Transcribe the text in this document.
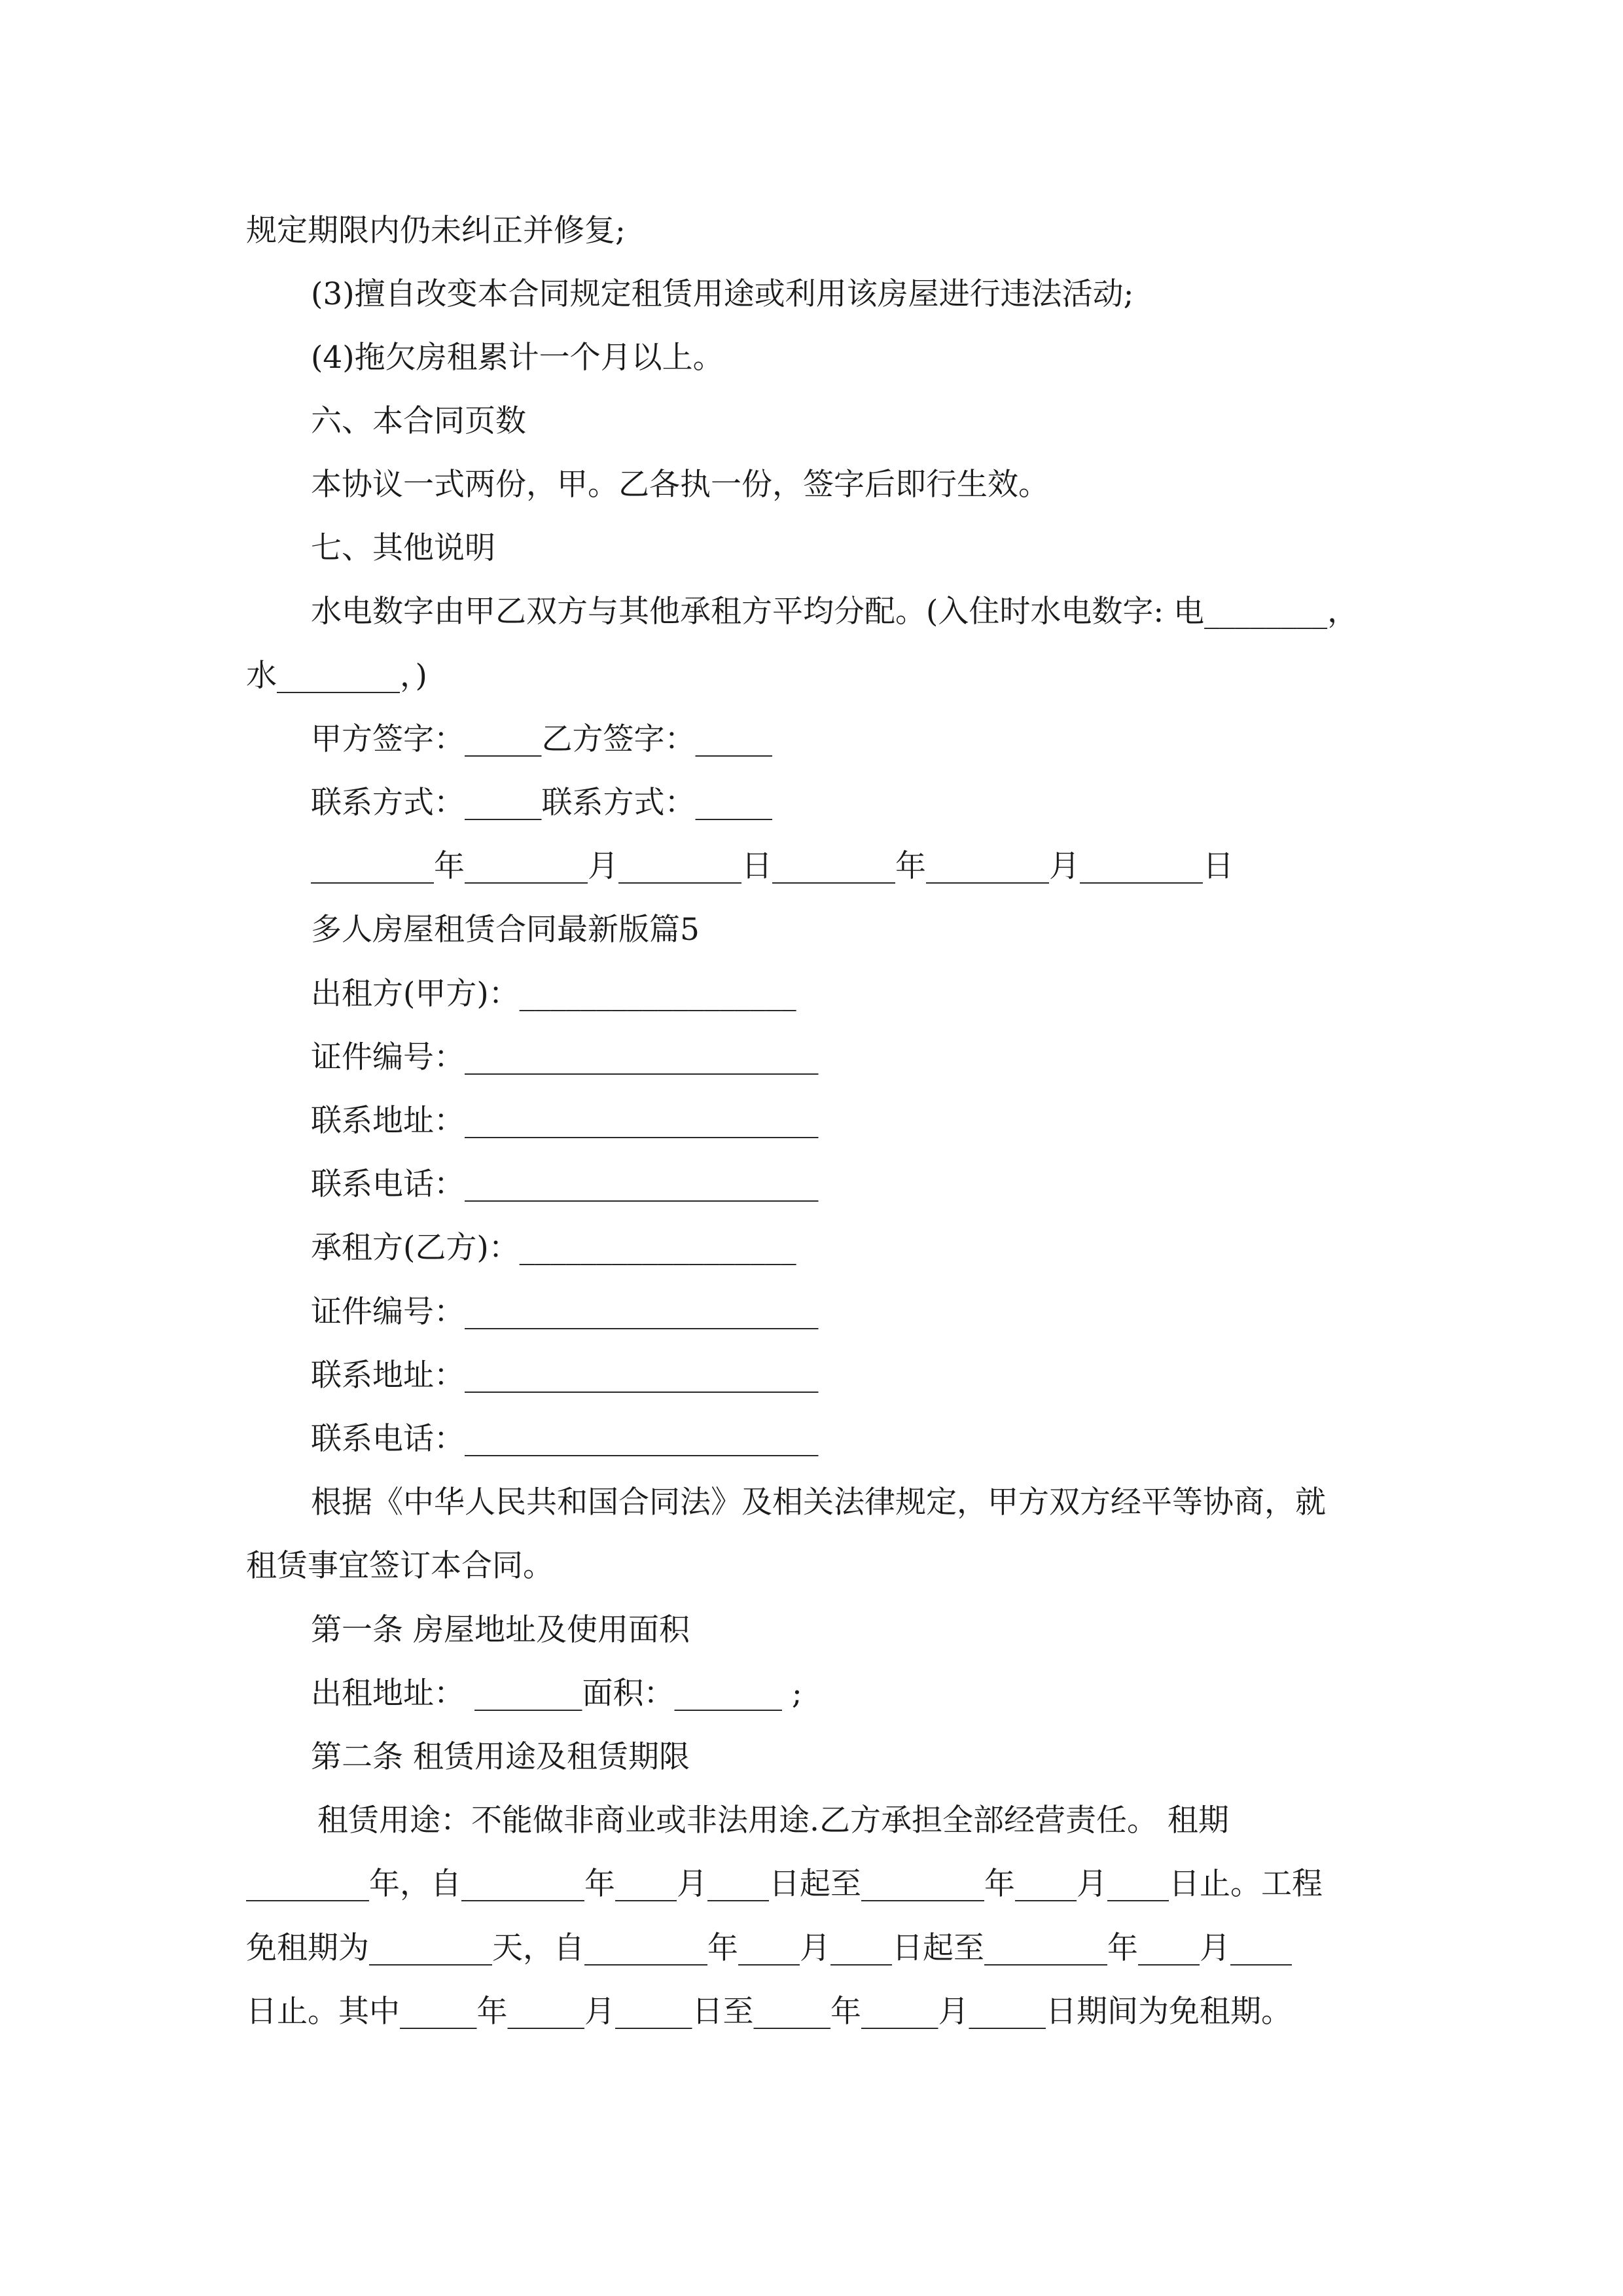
规定期限内仍未纠正并修复;
(3)擅自改变本合同规定租赁用途或利用该房屋进行违法活动;
(4)拖欠房租累计一个月以上。
六、本合同页数
本协议一式两份，甲。乙各执一份，签字后即行生效。
七、其他说明
水电数字由甲乙双方与其他承租方平均分配。(入住时水电数字: 电________，
水________，)
甲方签字：_____乙方签字：_____
联系方式：_____联系方式：_____
________年________月________日________年________月________日
多人房屋租赁合同最新版篇5
出租方(甲方)：__________________
证件编号：_______________________
联系地址：_______________________
联系电话：_______________________
承租方(乙方)：__________________
证件编号：_______________________
联系地址：_______________________
联系电话：_______________________
根据《中华人民共和国合同法》及相关法律规定，甲方双方经平等协商，就
租赁事宜签订本合同。
第一条 房屋地址及使用面积
出租地址： _______面积：_______ ;
第二条 租赁用途及租赁期限
租赁用途：不能做非商业或非法用途.乙方承担全部经营责任。 租期
________年，自________年____月____日起至________年____月____日止。工程
免租期为________天，自________年____月____日起至________年____月____
日止。其中_____年_____月_____日至_____年_____月_____日期间为免租期。
